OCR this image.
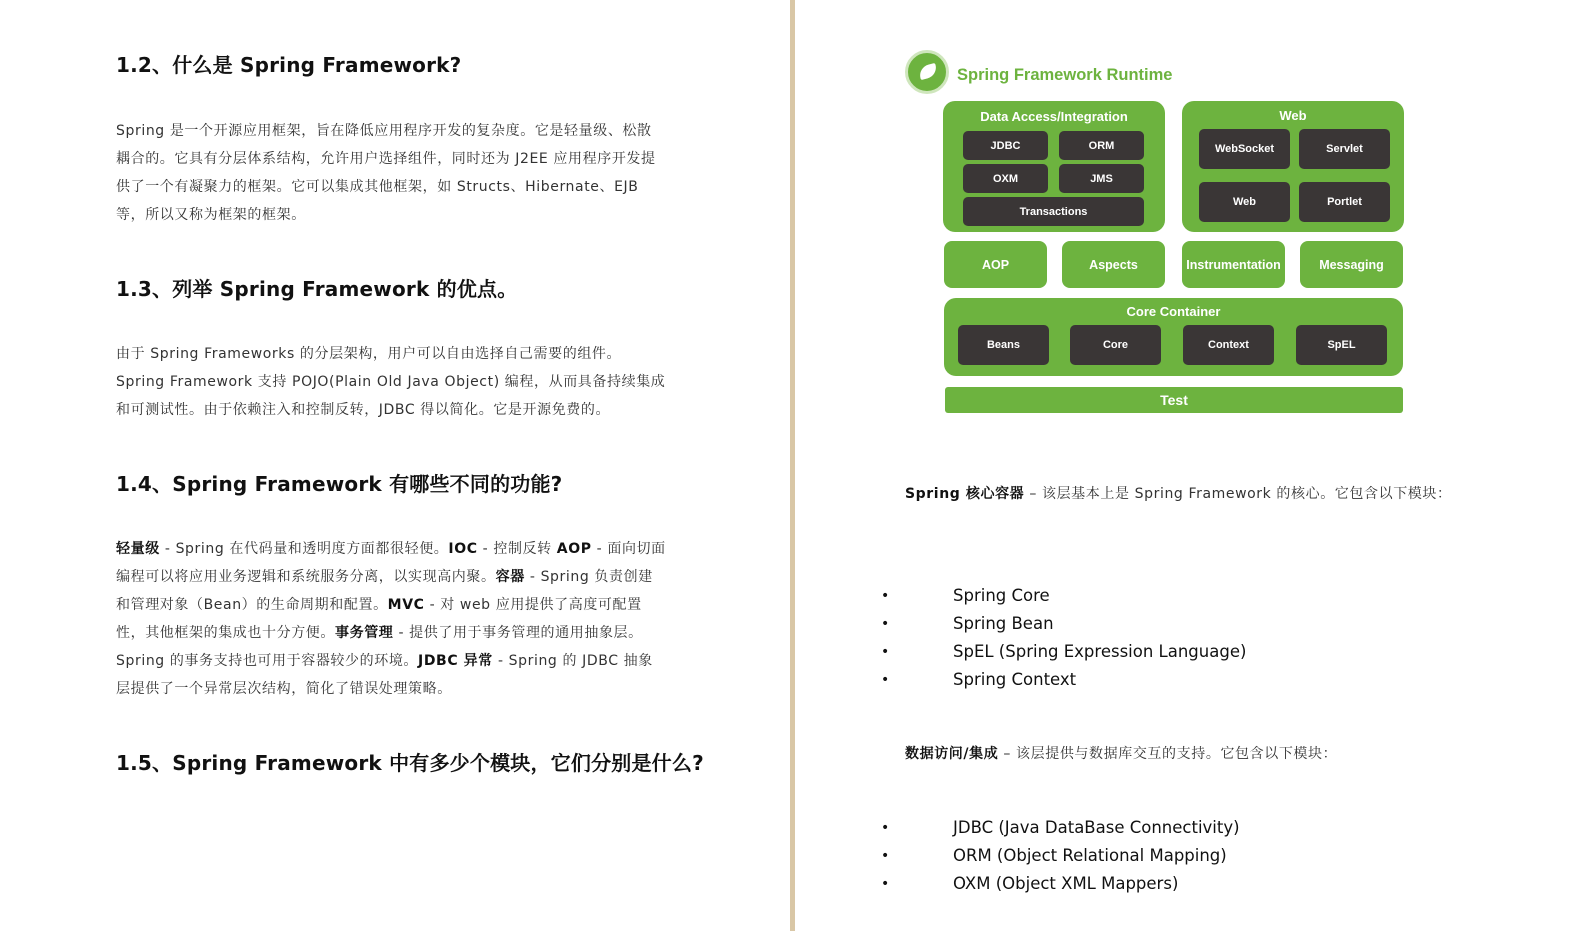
1.2、什么是 Spring Framework?

Spring 是一个开源应用框架，旨在降低应用程序开发的复杂度。它是轻量级、松散耦合的。它具有分层体系结构，允许用户选择组件，同时还为 J2EE 应用程序开发提供了一个有凝聚力的框架。它可以集成其他框架，如 Structs、Hibernate、EJB 等，所以又称为框架的框架。

1.3、列举 Spring Framework 的优点。

由于 Spring Frameworks 的分层架构，用户可以自由选择自己需要的组件。Spring Framework 支持 POJO(Plain Old Java Object) 编程，从而具备持续集成和可测试性。由于依赖注入和控制反转，JDBC 得以简化。它是开源免费的。

1.4、Spring Framework 有哪些不同的功能?

轻量级 - Spring 在代码量和透明度方面都很轻便。IOC - 控制反转 AOP - 面向切面编程可以将应用业务逻辑和系统服务分离，以实现高内聚。容器 - Spring 负责创建和管理对象（Bean）的生命周期和配置。MVC - 对 web 应用提供了高度可配置性，其他框架的集成也十分方便。事务管理 - 提供了用于事务管理的通用抽象层。Spring 的事务支持也可用于容器较少的环境。JDBC 异常 - Spring 的 JDBC 抽象层提供了一个异常层次结构，简化了错误处理策略。

1.5、Spring Framework 中有多少个模块，它们分别是什么?
Spring Framework Runtime
Data Access/Integration
JDBC	ORM
OXM	JMS
Transactions
Web
WebSocket	Servlet
Web	Portlet
AOP	Aspects	Instrumentation	Messaging
Core Container
Beans	Core	Context	SpEL
Test

Spring 核心容器 – 该层基本上是 Spring Framework 的核心。它包含以下模块：

• Spring Core
• Spring Bean
• SpEL (Spring Expression Language)
• Spring Context

数据访问/集成 – 该层提供与数据库交互的支持。它包含以下模块：

• JDBC (Java DataBase Connectivity)
• ORM (Object Relational Mapping)
• OXM (Object XML Mappers)
